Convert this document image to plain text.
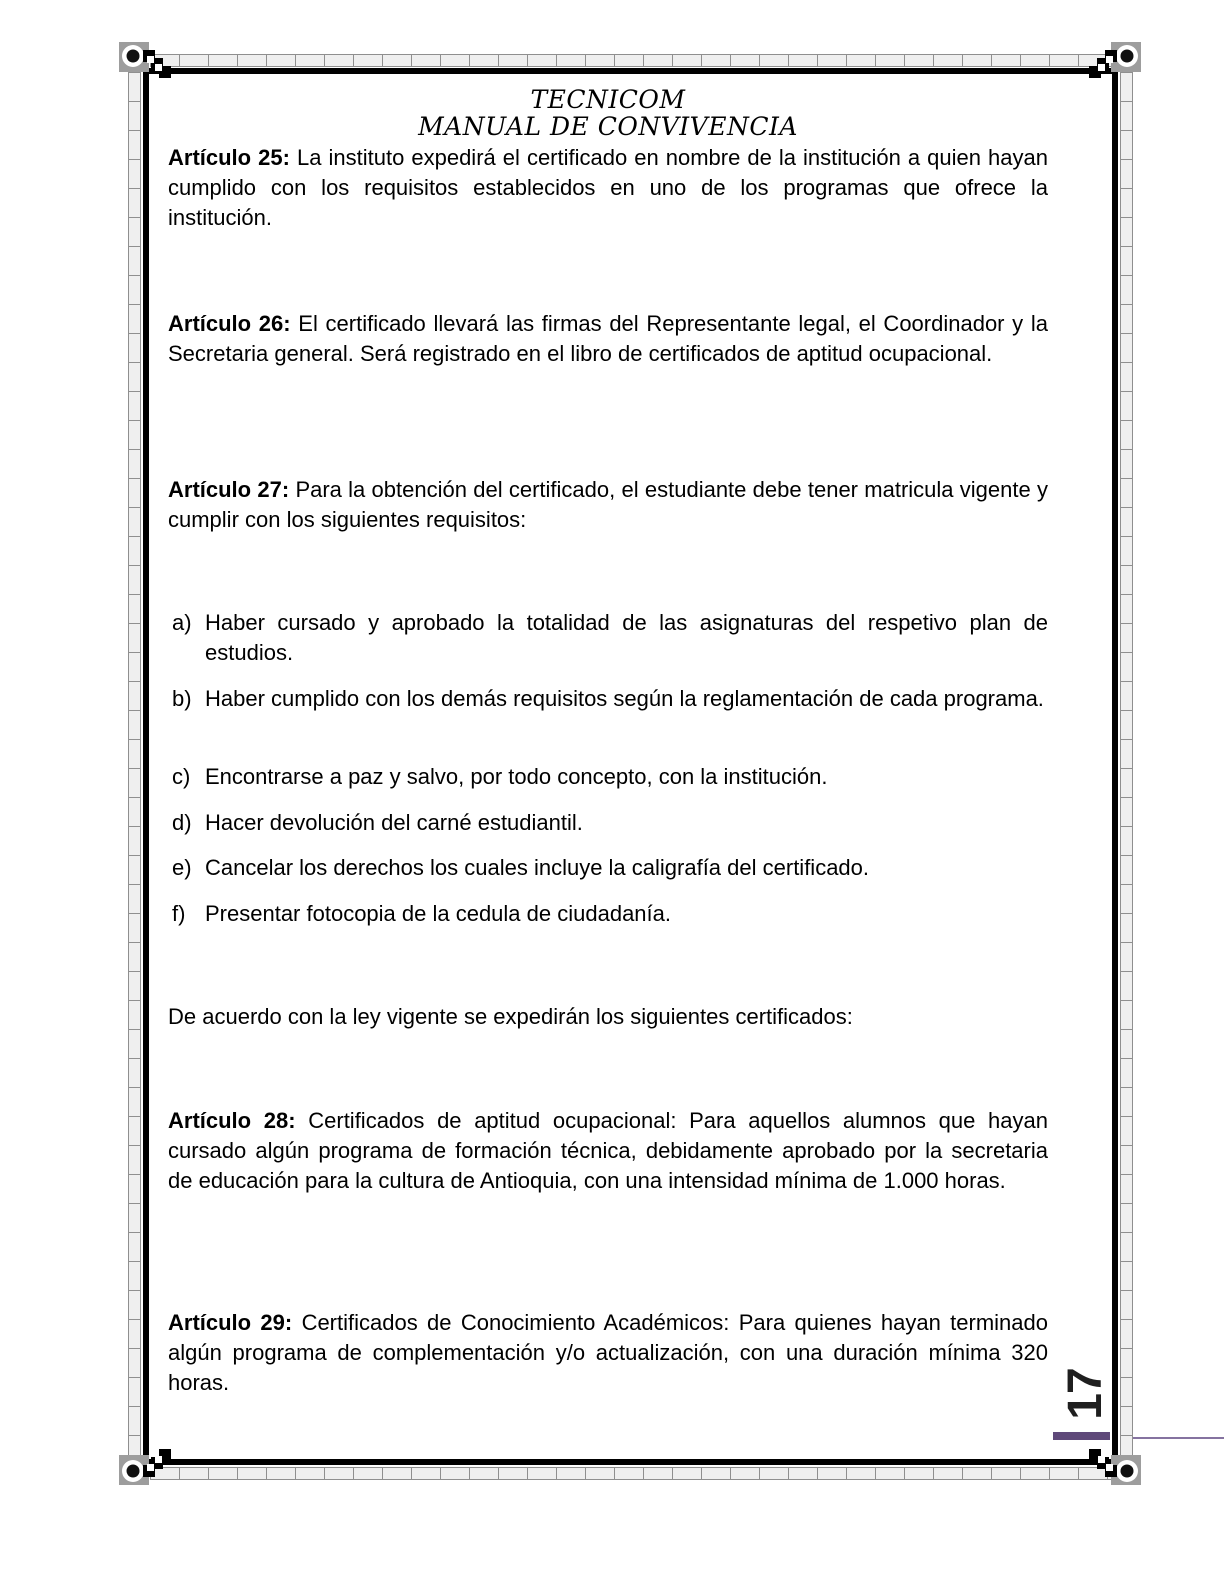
TECNICOM
MANUAL DE CONVIVENCIA

Artículo 25: La instituto expedirá el certificado en nombre de la institución a quien hayan cumplido con los requisitos establecidos en uno de los programas que ofrece la institución.

Artículo 26: El certificado llevará las firmas del Representante legal, el Coordinador y la Secretaria general. Será registrado en el libro de certificados de aptitud ocupacional.

Artículo 27: Para la obtención del certificado, el estudiante debe tener matricula vigente y cumplir con los siguientes requisitos:

a) Haber cursado y aprobado la totalidad de las asignaturas del respetivo plan de estudios.

b) Haber cumplido con los demás requisitos según la reglamentación de cada programa.

c) Encontrarse a paz y salvo, por todo concepto, con la institución.

d) Hacer devolución del carné estudiantil.

e) Cancelar los derechos los cuales incluye la caligrafía del certificado.

f) Presentar fotocopia de la cedula de ciudadanía.

De acuerdo con la ley vigente se expedirán los siguientes certificados:

Artículo 28: Certificados de aptitud ocupacional: Para aquellos alumnos que hayan cursado algún programa de formación técnica, debidamente aprobado por la secretaria de educación para la cultura de Antioquia, con una intensidad mínima de 1.000 horas.

Artículo 29: Certificados de Conocimiento Académicos: Para quienes hayan terminado algún programa de complementación y/o actualización, con una duración mínima 320 horas.	17
